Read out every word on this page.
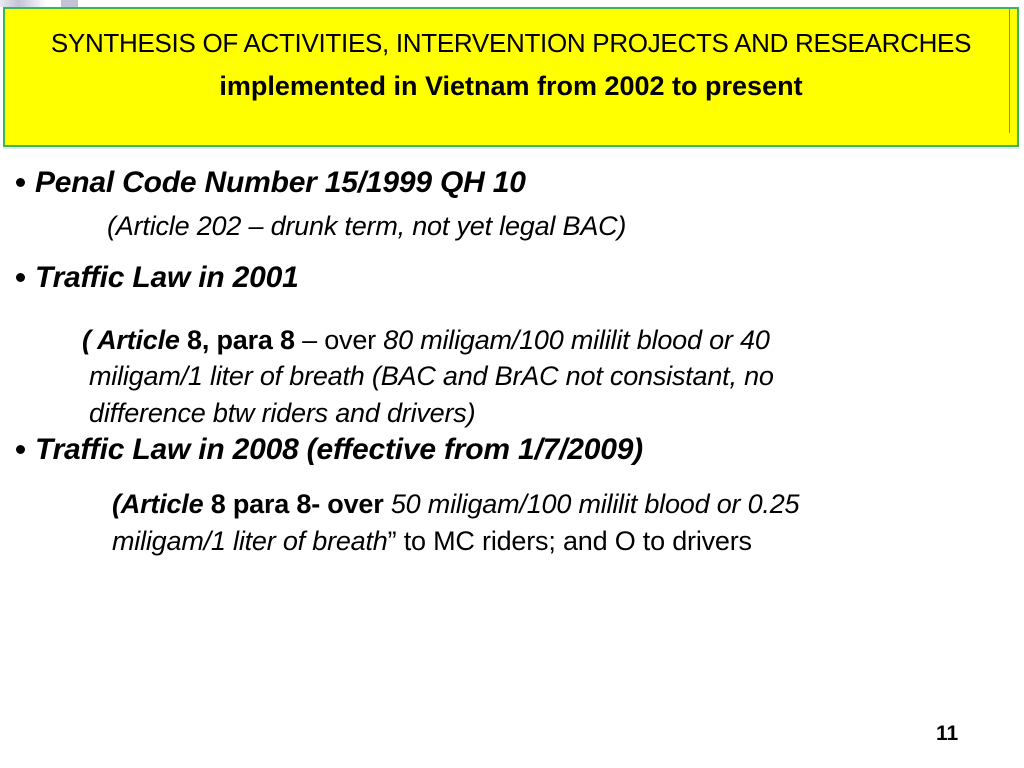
SYNTHESIS OF ACTIVITIES, INTERVENTION PROJECTS AND RESEARCHES
implemented in Vietnam from 2002 to present
Penal Code Number 15/1999 QH 10
(Article 202 – drunk term, not yet legal BAC)
Traffic Law in 2001
( Article 8, para 8 – over 80 miligam/100 mililit blood or 40
miligam/1 liter of breath (BAC and BrAC not consistant, no
difference btw riders and drivers)
Traffic Law in 2008 (effective from 1/7/2009)
(Article 8 para 8- over 50 miligam/100 mililit blood or 0.25
miligam/1 liter of breath ” to MC riders; and O to drivers
11
